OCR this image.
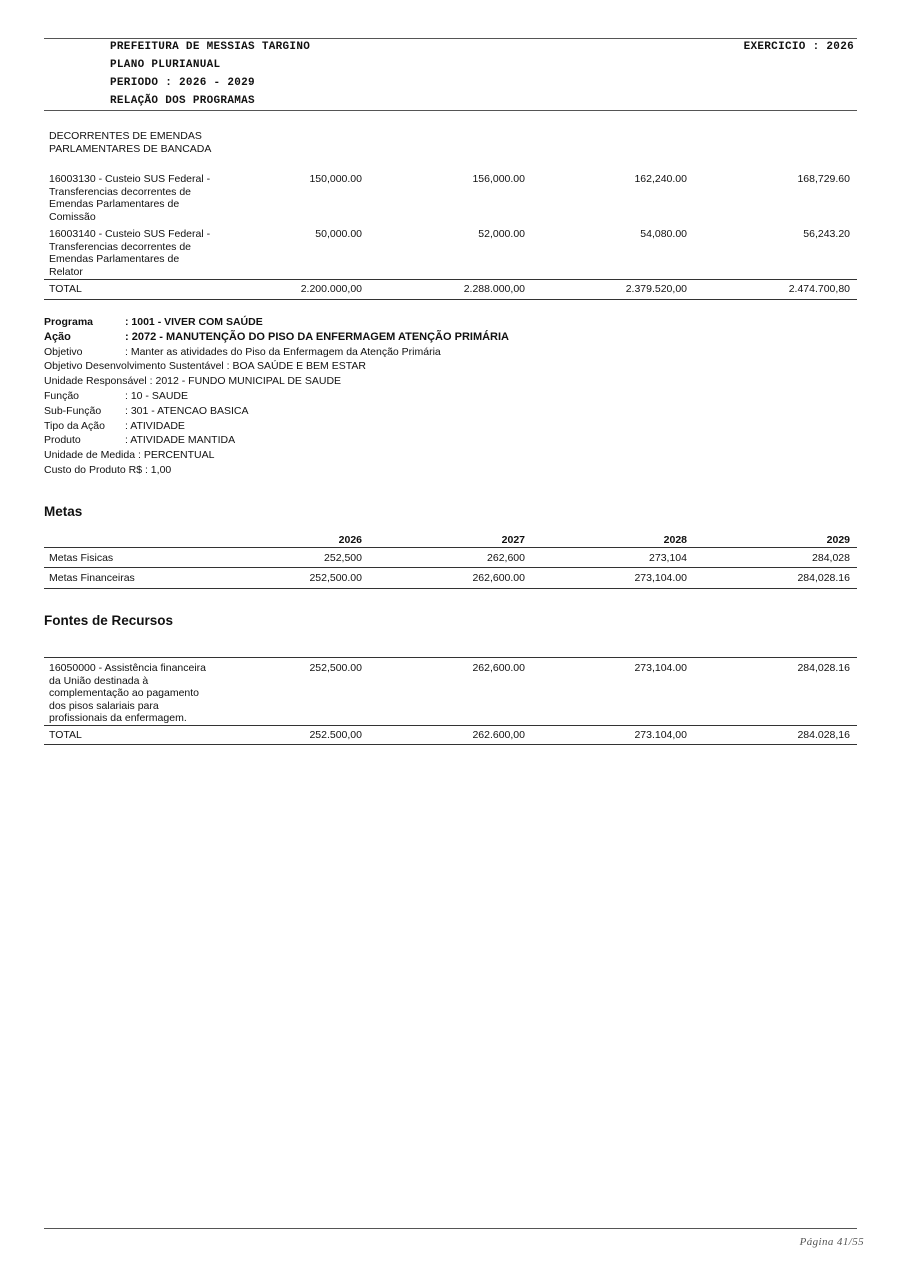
PREFEITURA DE MESSIAS TARGINO	EXERCICIO : 2026
PLANO PLURIANUAL
PERIODO : 2026 - 2029
RELAÇÃO DOS PROGRAMAS
DECORRENTES DE EMENDAS PARLAMENTARES DE BANCADA				
16003130 - Custeio SUS Federal - Transferencias decorrentes de Emendas Parlamentares de Comissão	150,000.00	156,000.00	162,240.00	168,729.60
16003140 - Custeio SUS Federal - Transferencias decorrentes de Emendas Parlamentares de Relator	50,000.00	52,000.00	54,080.00	56,243.20
TOTAL	2.200.000,00	2.288.000,00	2.379.520,00	2.474.700,80
Programa	: 1001 - VIVER COM SAÚDE
Ação	: 2072 - MANUTENÇÃO DO PISO DA ENFERMAGEM ATENÇÃO PRIMÁRIA
Objetivo	: Manter as atividades do Piso da Enfermagem da Atenção Primária
Objetivo Desenvolvimento Sustentável : BOA SAÚDE E BEM ESTAR
Unidade Responsável : 2012 - FUNDO MUNICIPAL DE SAUDE
Função	: 10 - SAUDE
Sub-Função	: 301 - ATENCAO BASICA
Tipo da Ação	: ATIVIDADE
Produto	: ATIVIDADE MANTIDA
Unidade de Medida : PERCENTUAL
Custo do Produto R$ : 1,00
Metas
	2026	2027	2028	2029
Metas Fisicas	252,500	262,600	273,104	284,028
Metas Financeiras	252,500.00	262,600.00	273,104.00	284,028.16
Fontes de Recursos
16050000 - Assistência financeira da União destinada à complementação ao pagamento dos pisos salariais para profissionais da enfermagem.	252,500.00	262,600.00	273,104.00	284,028.16
TOTAL	252.500,00	262.600,00	273.104,00	284.028,16
Página 41/55
